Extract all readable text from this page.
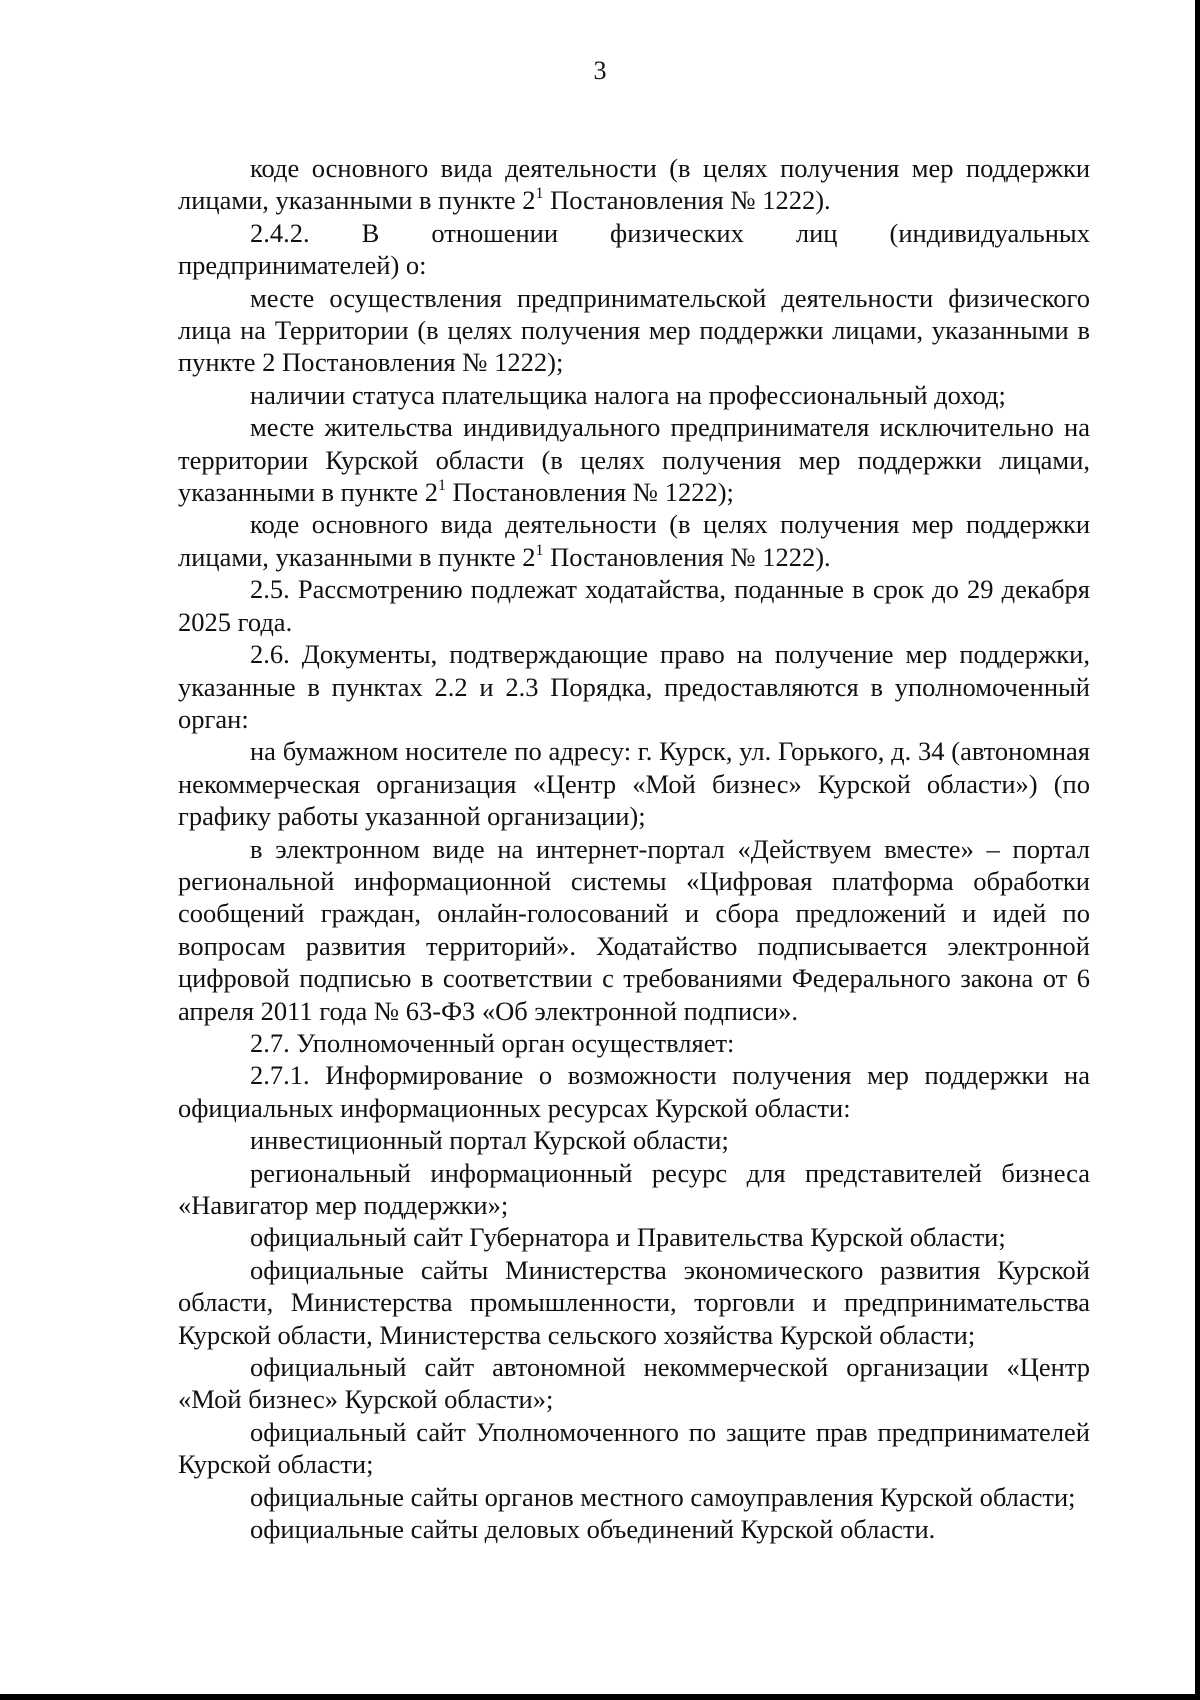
3

коде основного вида деятельности (в целях получения мер поддержки лицами, указанными в пункте $2^1$ Постановления № 1222).

2.4.2. В отношении физических лиц (индивидуальных предпринимателей) о:

месте осуществления предпринимательской деятельности физического лица на Территории (в целях получения мер поддержки лицами, указанными в пункте 2 Постановления № 1222);

наличии статуса плательщика налога на профессиональный доход;

месте жительства индивидуального предпринимателя исключительно на территории Курской области (в целях получения мер поддержки лицами, указанными в пункте $2^1$ Постановления № 1222);

коде основного вида деятельности (в целях получения мер поддержки лицами, указанными в пункте $2^1$ Постановления № 1222).

2.5. Рассмотрению подлежат ходатайства, поданные в срок до 29 декабря 2025 года.

2.6. Документы, подтверждающие право на получение мер поддержки, указанные в пунктах 2.2 и 2.3 Порядка, предоставляются в уполномоченный орган:

на бумажном носителе по адресу: г. Курск, ул. Горького, д. 34 (автономная некоммерческая организация «Центр «Мой бизнес» Курской области») (по графику работы указанной организации);

в электронном виде на интернет-портал «Действуем вместе» – портал региональной информационной системы «Цифровая платформа обработки сообщений граждан, онлайн-голосований и сбора предложений и идей по вопросам развития территорий». Ходатайство подписывается электронной цифровой подписью в соответствии с требованиями Федерального закона от 6 апреля 2011 года № 63-ФЗ «Об электронной подписи».

2.7. Уполномоченный орган осуществляет:

2.7.1. Информирование о возможности получения мер поддержки на официальных информационных ресурсах Курской области:

инвестиционный портал Курской области;

региональный информационный ресурс для представителей бизнеса «Навигатор мер поддержки»;

официальный сайт Губернатора и Правительства Курской области;

официальные сайты Министерства экономического развития Курской области, Министерства промышленности, торговли и предпринимательства Курской области, Министерства сельского хозяйства Курской области;

официальный сайт автономной некоммерческой организации «Центр «Мой бизнес» Курской области»;

официальный сайт Уполномоченного по защите прав предпринимателей Курской области;

официальные сайты органов местного самоуправления Курской области;

официальные сайты деловых объединений Курской области.
